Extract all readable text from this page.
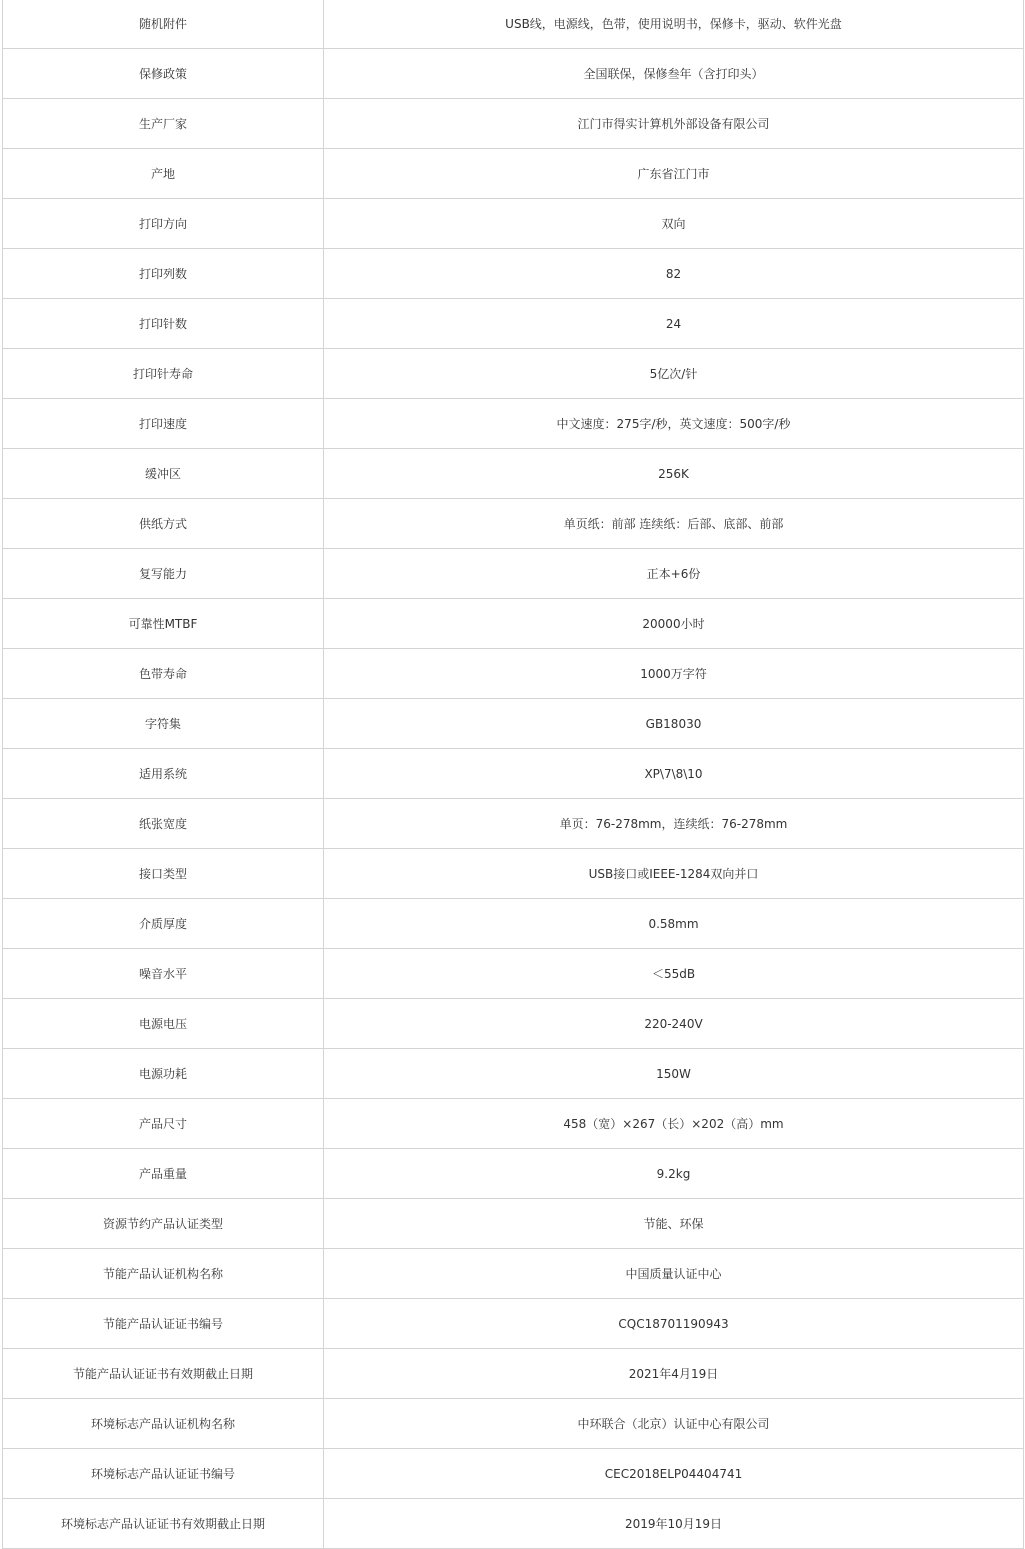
随机附件	USB线，电源线，色带，使用说明书，保修卡，驱动、软件光盘
保修政策	全国联保，保修叁年（含打印头）
生产厂家	江门市得实计算机外部设备有限公司
产地	广东省江门市
打印方向	双向
打印列数	82
打印针数	24
打印针寿命	5亿次/针
打印速度	中文速度：275字/秒，英文速度：500字/秒
缓冲区	256K
供纸方式	单页纸：前部 连续纸：后部、底部、前部
复写能力	正本+6份
可靠性MTBF	20000小时
色带寿命	1000万字符
字符集	GB18030
适用系统	XP\7\8\10
纸张宽度	单页：76-278mm，连续纸：76-278mm
接口类型	USB接口或IEEE-1284双向并口
介质厚度	0.58mm
噪音水平	＜55dB
电源电压	220-240V
电源功耗	150W
产品尺寸	458（宽）×267（长）×202（高）mm
产品重量	9.2kg
资源节约产品认证类型	节能、环保
节能产品认证机构名称	中国质量认证中心
节能产品认证证书编号	CQC18701190943
节能产品认证证书有效期截止日期	2021年4月19日
环境标志产品认证机构名称	中环联合（北京）认证中心有限公司
环境标志产品认证证书编号	CEC2018ELP04404741
环境标志产品认证证书有效期截止日期	2019年10月19日
